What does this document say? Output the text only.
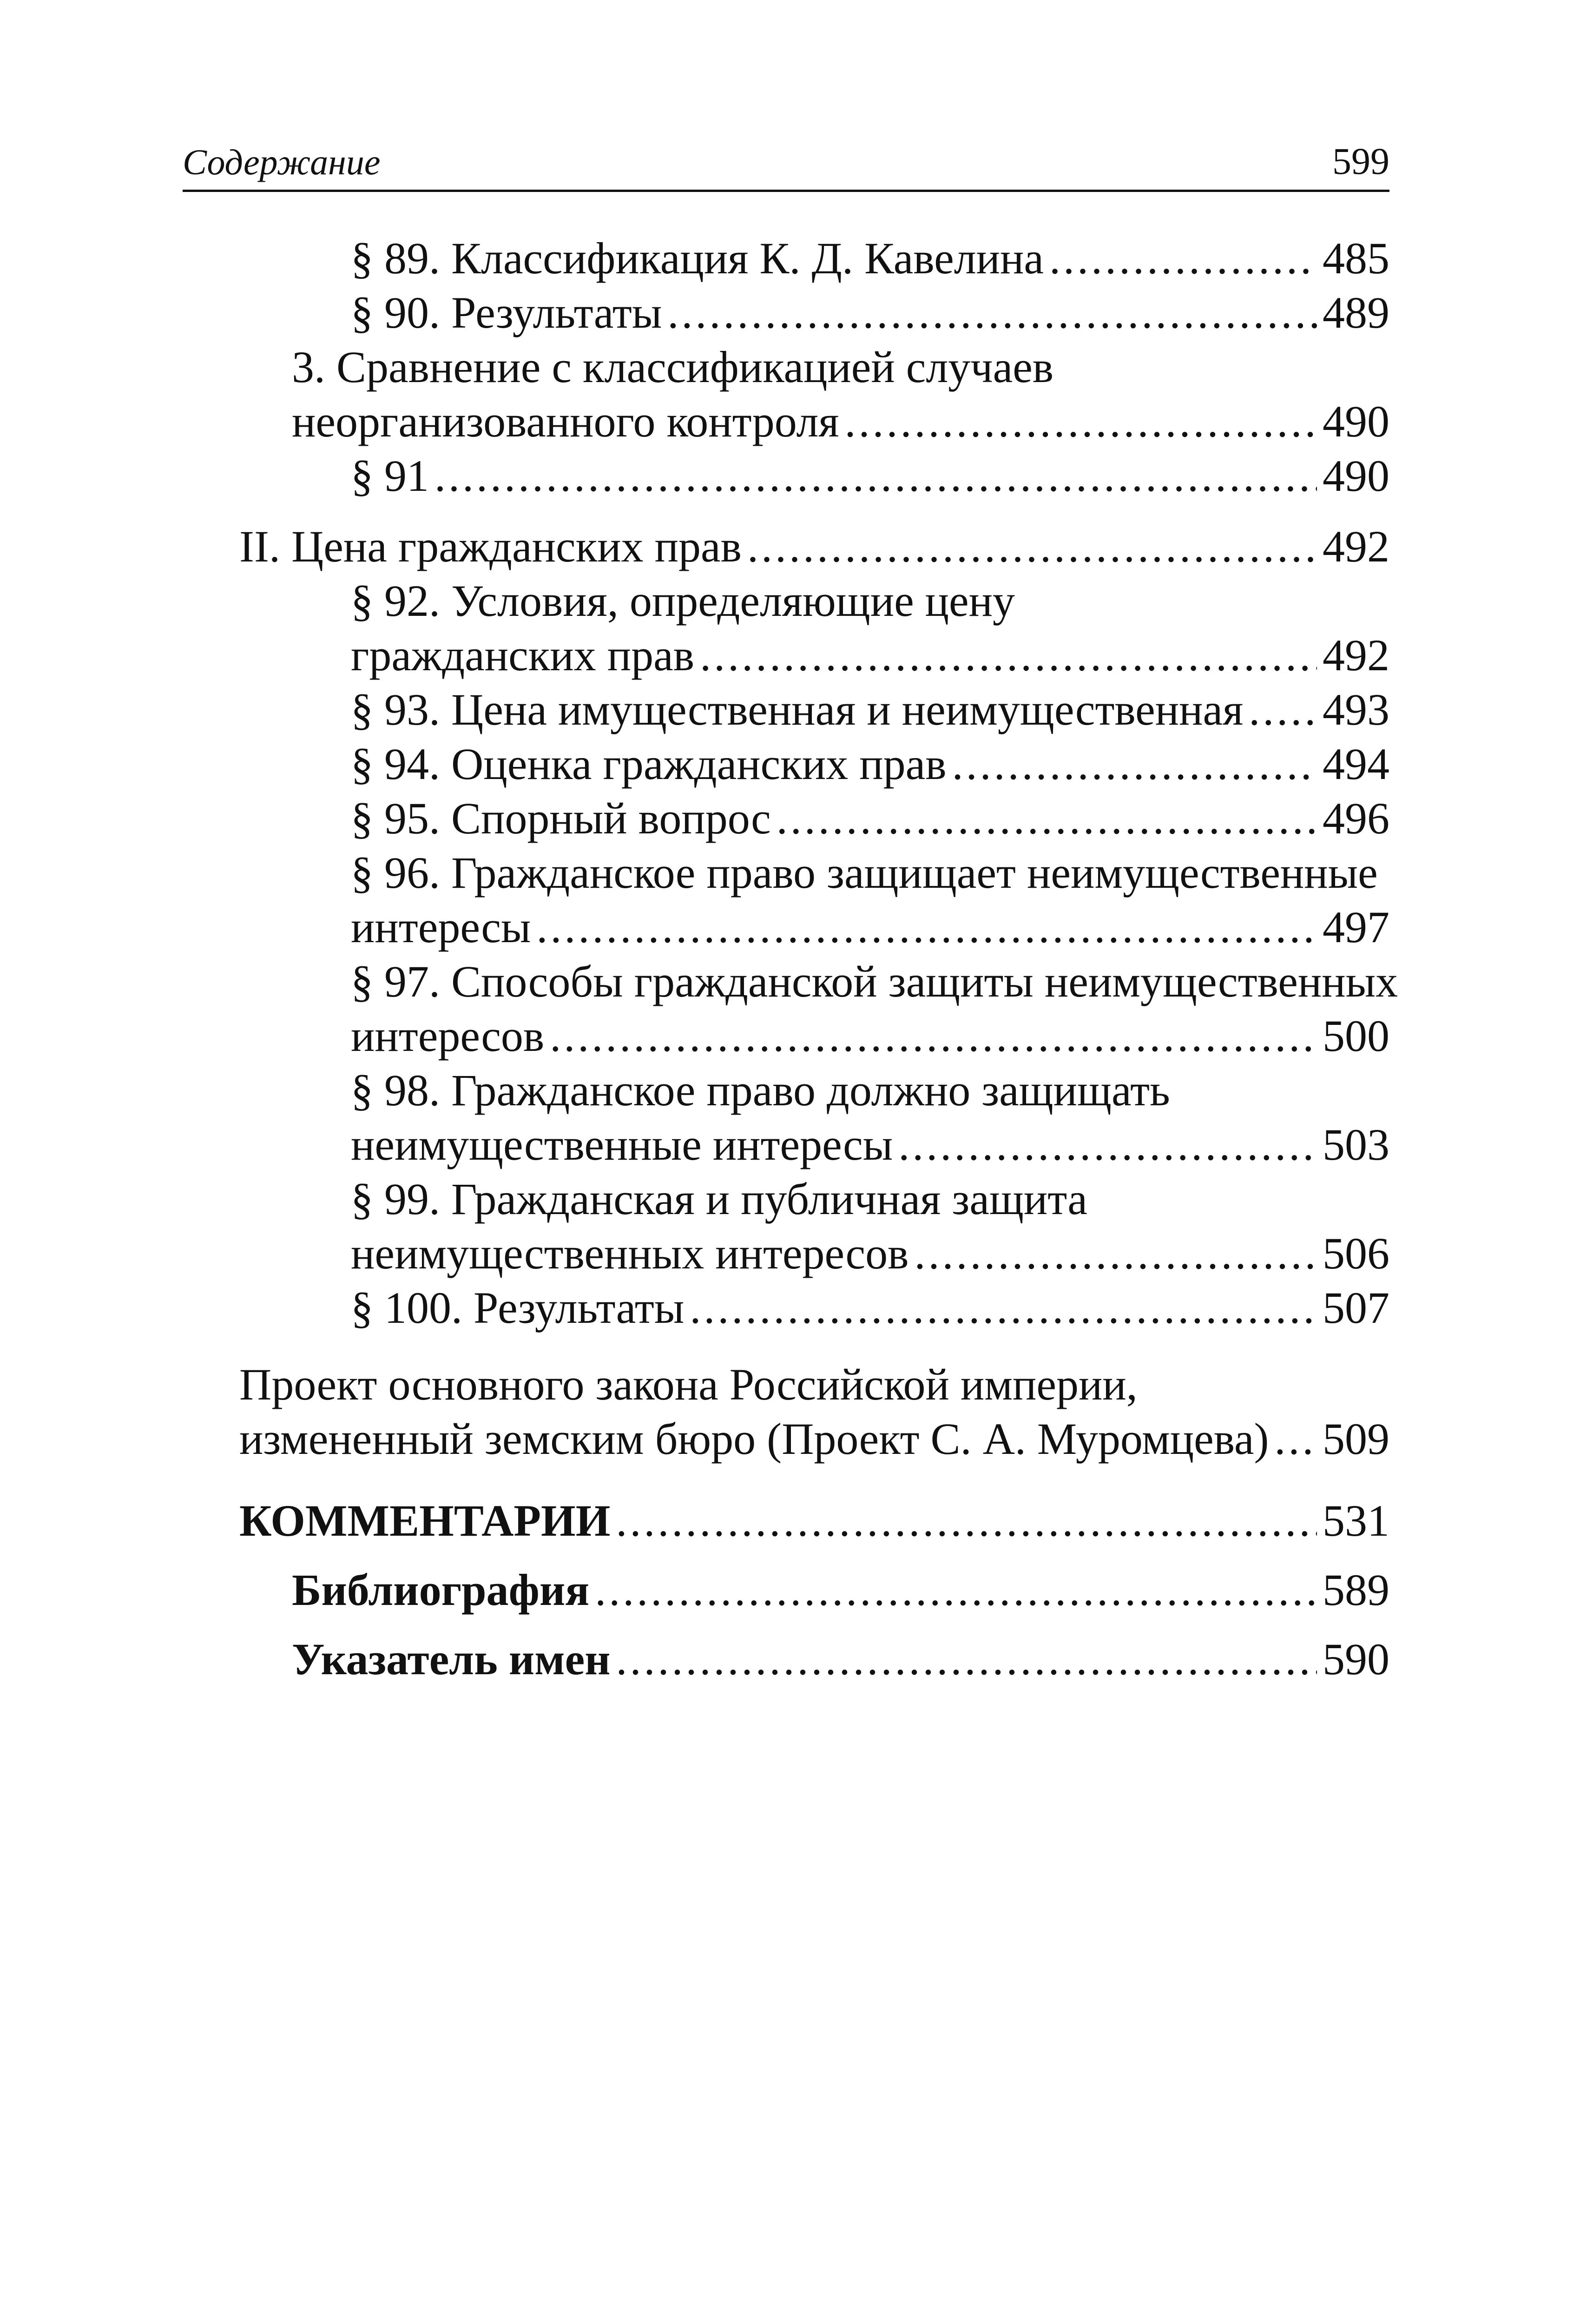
Содержание	599
§ 89. Классификация К. Д. Кавелина .....	485
§ 90. Результаты .....	489
3. Сравнение с классификацией случаев
неорганизованного контроля .....	490
§ 91 .....	490
II. Цена гражданских прав .....	492
§ 92. Условия, определяющие цену
гражданских прав .....	492
§ 93. Цена имущественная и неимущественная ..... 493
§ 94. Оценка гражданских прав .....	494
§ 95. Спорный вопрос .....	496
§ 96. Гражданское право защищает неимущественные
интересы .....	497
§ 97. Способы гражданской защиты неимущественных
интересов .....	500
§ 98. Гражданское право должно защищать
неимущественные интересы .....	503
§ 99. Гражданская и публичная защита
неимущественных интересов .....	506
§ 100. Результаты .....	507
Проект основного закона Российской империи,
измененный земским бюро (Проект С. А. Муромцева) ..... 509
КОММЕНТАРИИ .....	531
Библиография .....	589
Указатель имен .....	590
